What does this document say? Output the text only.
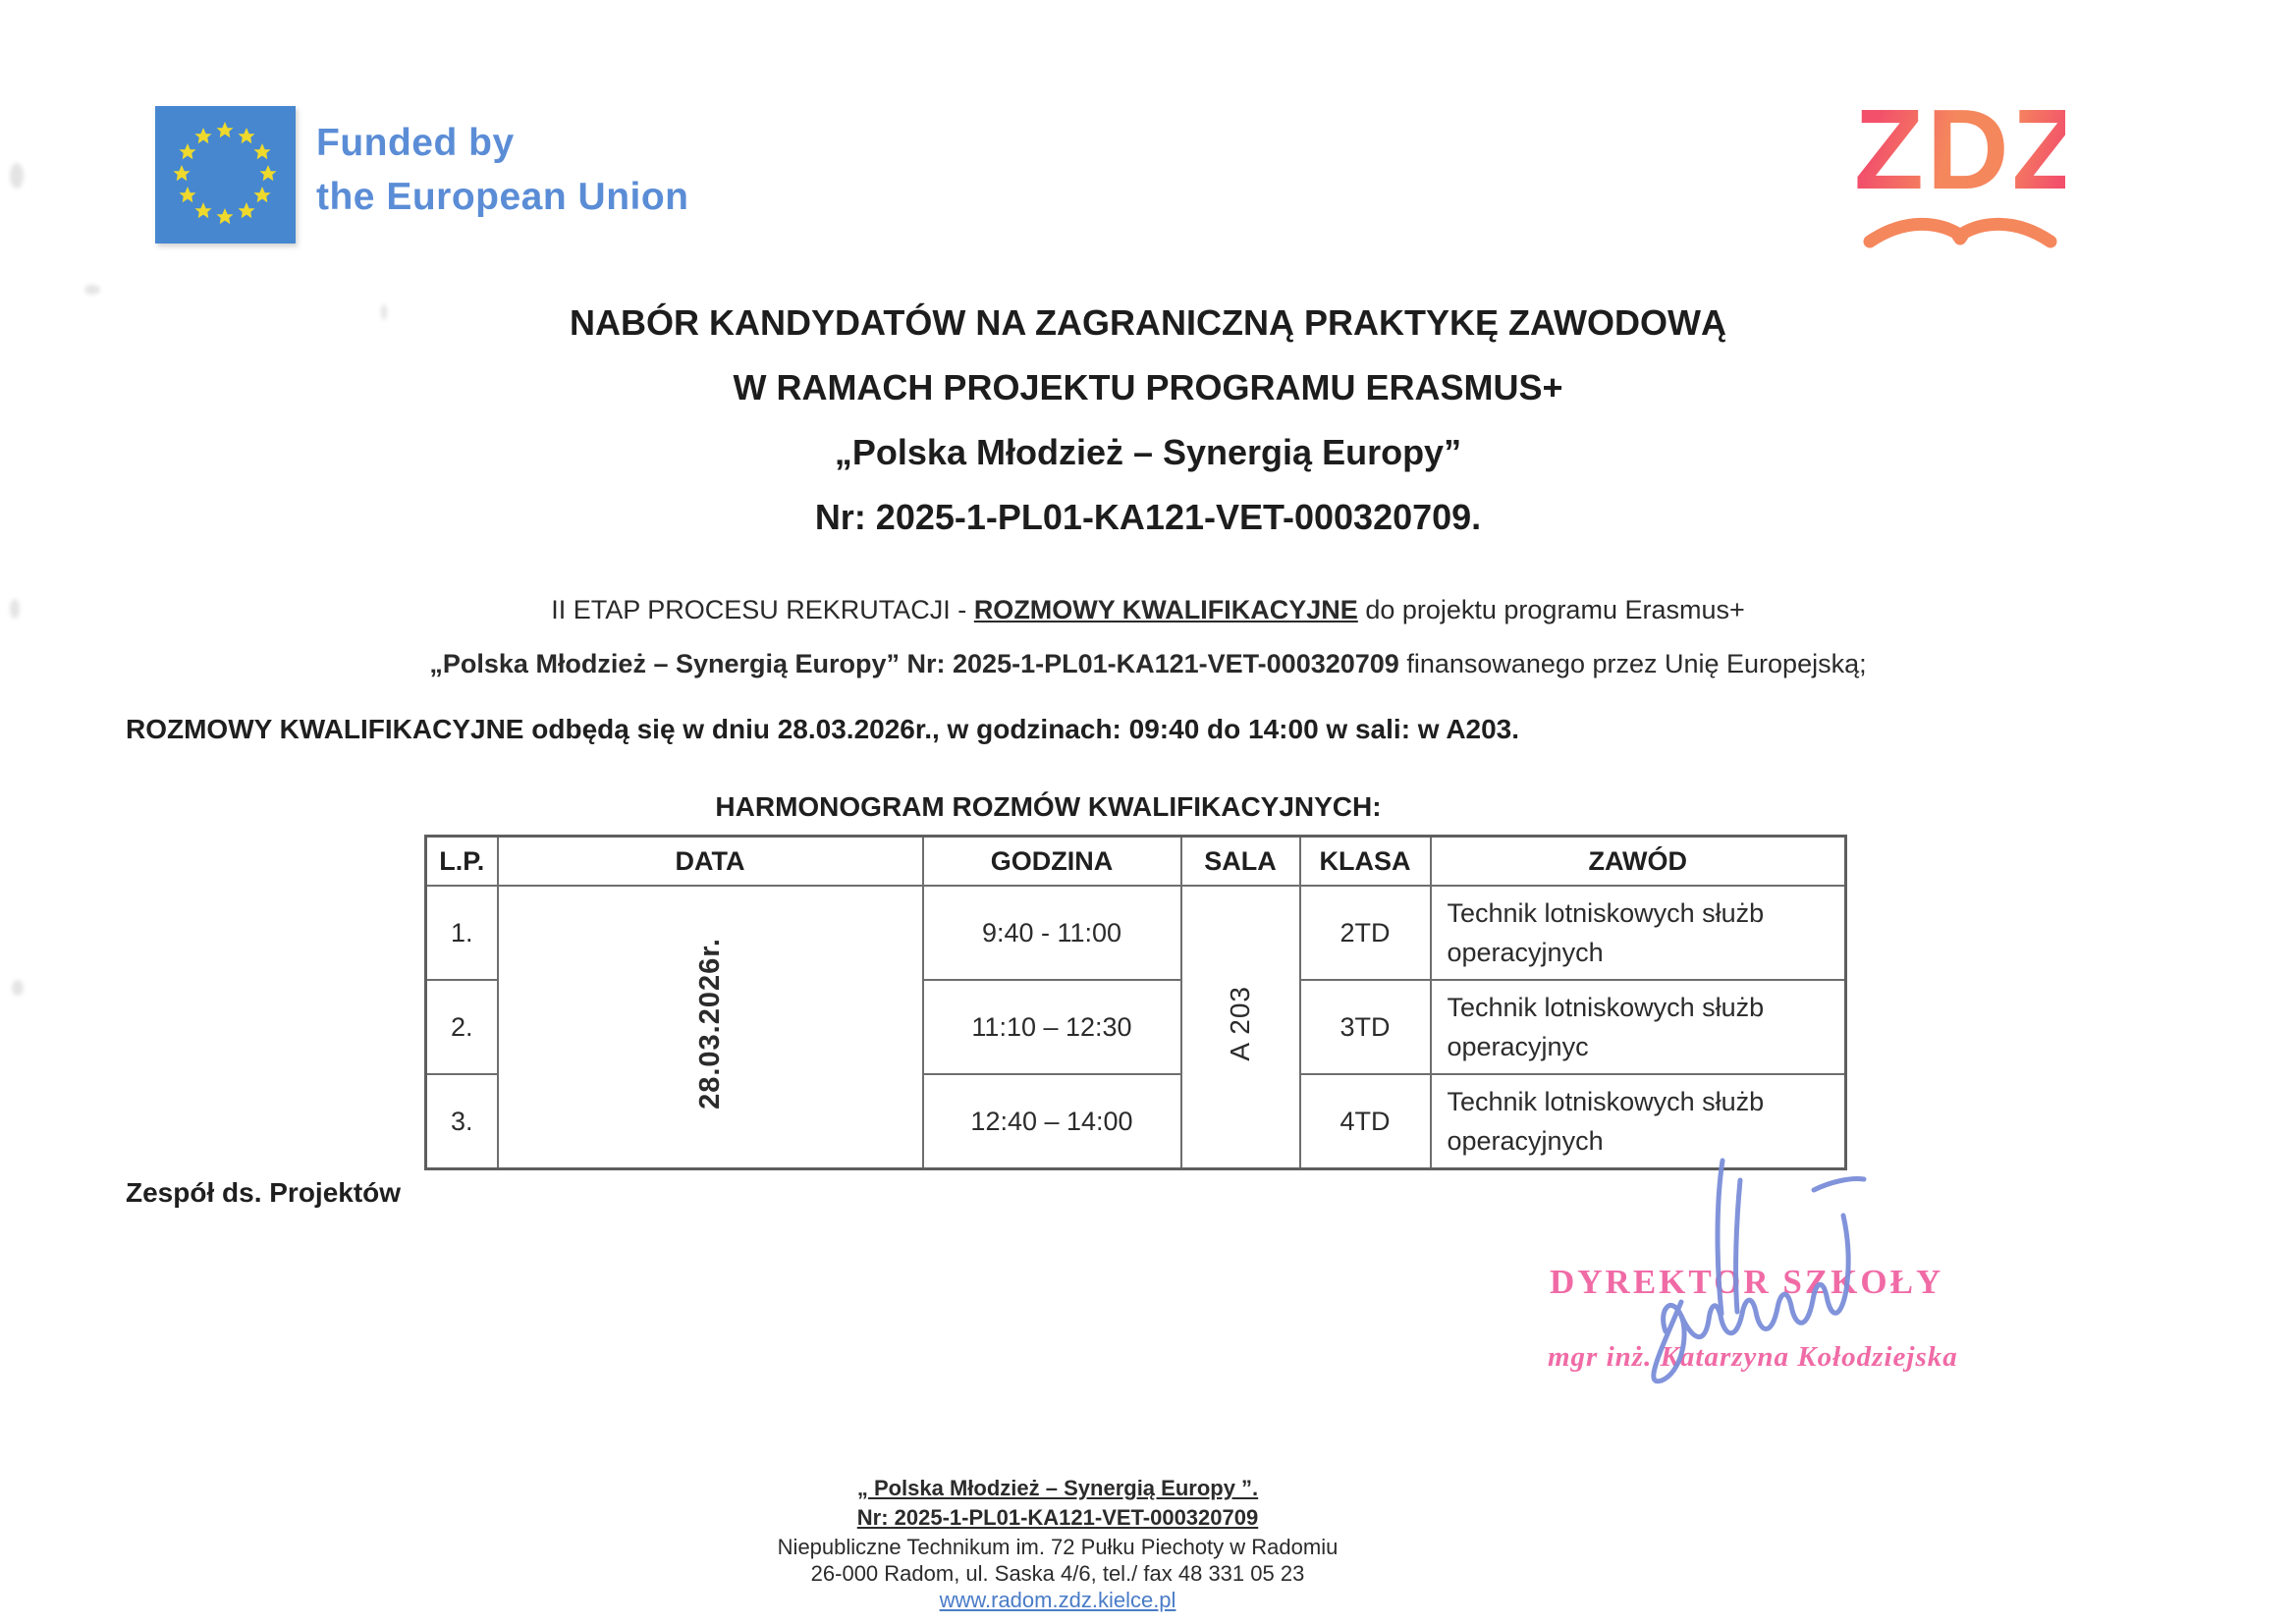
Funded by
the European Union	ZDZ
NABÓR KANDYDATÓW NA ZAGRANICZNĄ PRAKTYKĘ ZAWODOWĄ
W RAMACH PROJEKTU PROGRAMU ERASMUS+
„Polska Młodzież – Synergią Europy”
Nr: 2025-1-PL01-KA121-VET-000320709.
II ETAP PROCESU REKRUTACJI - ROZMOWY KWALIFIKACYJNE do projektu programu Erasmus+
„Polska Młodzież – Synergią Europy” Nr: 2025-1-PL01-KA121-VET-000320709 finansowanego przez Unię Europejską;
ROZMOWY KWALIFIKACYJNE odbędą się w dniu 28.03.2026r., w godzinach: 09:40 do 14:00 w sali: w A203.
HARMONOGRAM ROZMÓW KWALIFIKACYJNYCH:
L.P.	DATA	GODZINA	SALA	KLASA	ZAWÓD
1.	28.03.2026r.	9:40 - 11:00	A 203	2TD	Technik lotniskowych służb operacyjnych
2.		11:10 – 12:30		3TD	Technik lotniskowych służb operacyjnyc
3.		12:40 – 14:00		4TD	Technik lotniskowych służb operacyjnych
Zespół ds. Projektów
DYREKTOR SZKOŁY
mgr inż. Katarzyna Kołodziejska
„ Polska Młodzież – Synergią Europy ”.
Nr: 2025-1-PL01-KA121-VET-000320709
Niepubliczne Technikum im. 72 Pułku Piechoty w Radomiu
26-000 Radom, ul. Saska 4/6, tel./ fax 48 331 05 23
www.radom.zdz.kielce.pl
